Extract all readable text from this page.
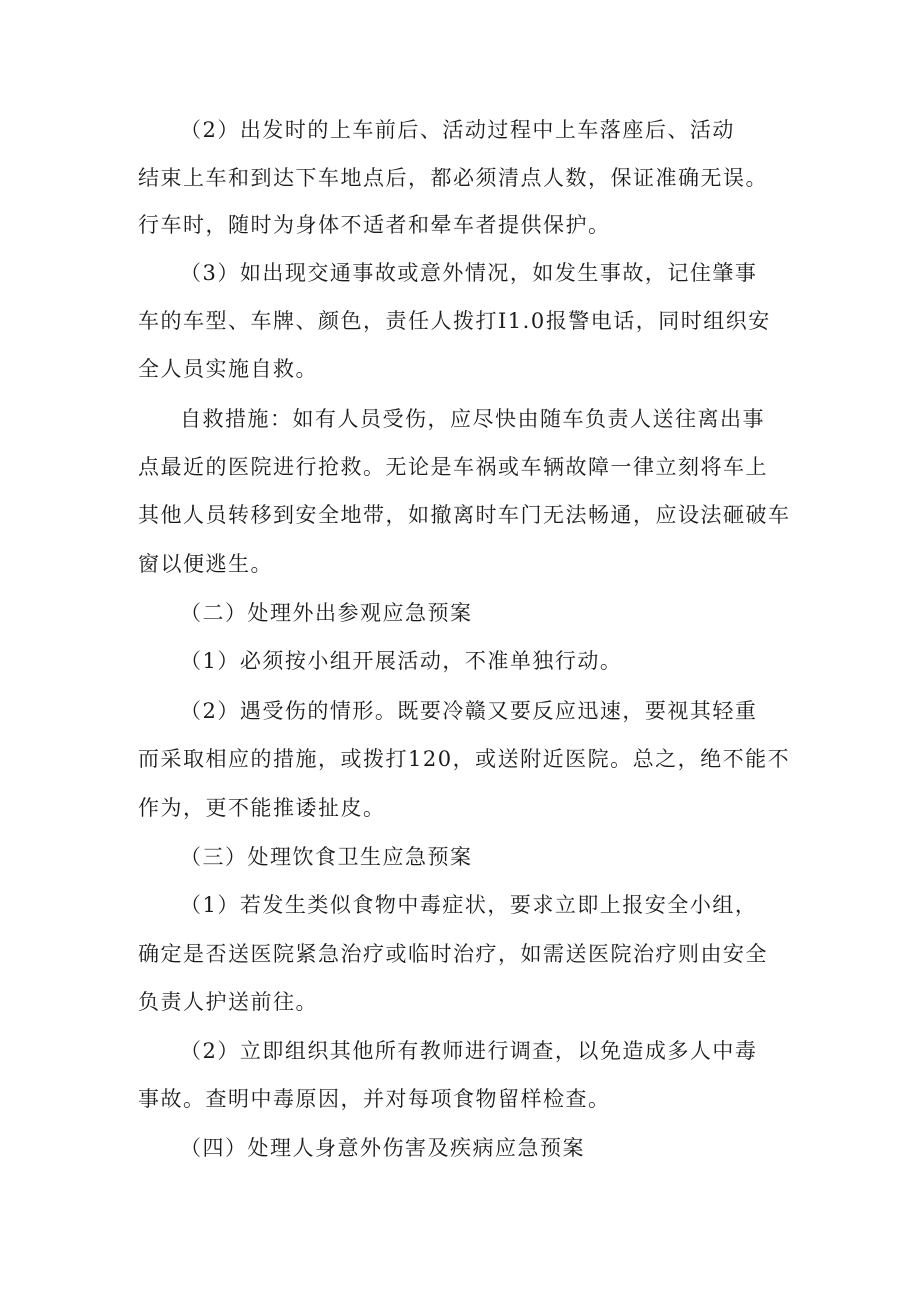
（2）出发时的上车前后、活动过程中上车落座后、活动
结束上车和到达下车地点后，都必须清点人数，保证准确无误。
行车时，随时为身体不适者和晕车者提供保护。
（3）如出现交通事故或意外情况，如发生事故，记住肇事
车的车型、车牌、颜色，责任人拨打I1.0报警电话，同时组织安
全人员实施自救。
自救措施：如有人员受伤，应尽快由随车负责人送往离出事
点最近的医院进行抢救。无论是车祸或车辆故障一律立刻将车上
其他人员转移到安全地带，如撤离时车门无法畅通，应设法砸破车
窗以便逃生。
（二）处理外出参观应急预案
（1）必须按小组开展活动，不准单独行动。
（2）遇受伤的情形。既要冷赣又要反应迅速，要视其轻重
而采取相应的措施，或拨打120，或送附近医院。总之，绝不能不
作为，更不能推诿扯皮。
（三）处理饮食卫生应急预案
（1）若发生类似食物中毒症状，要求立即上报安全小组，
确定是否送医院紧急治疗或临时治疗，如需送医院治疗则由安全
负责人护送前往。
（2）立即组织其他所有教师进行调查，以免造成多人中毒
事故。查明中毒原因，并对每项食物留样检查。
（四）处理人身意外伤害及疾病应急预案
